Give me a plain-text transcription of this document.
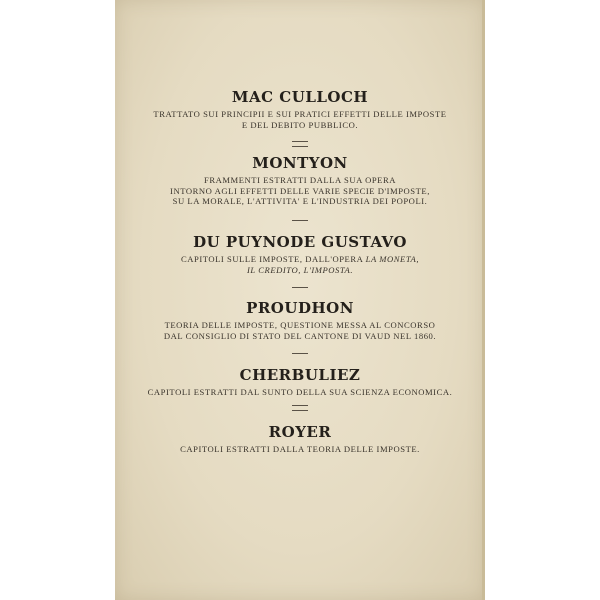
MAC CULLOCH
TRATTATO SUI PRINCIPII E SUI PRATICI EFFETTI DELLE IMPOSTE
E DEL DEBITO PUBBLICO.
MONTYON
FRAMMENTI ESTRATTI DALLA SUA OPERA
INTORNO AGLI EFFETTI DELLE VARIE SPECIE D'IMPOSTE,
SU LA MORALE, L'ATTIVITA' E L'INDUSTRIA DEI POPOLI.
DU PUYNODE GUSTAVO
CAPITOLI SULLE IMPOSTE, DALL'OPERA LA MONETA,
IL CREDITO, L'IMPOSTA.
PROUDHON
TEORIA DELLE IMPOSTE, QUESTIONE MESSA AL CONCORSO
DAL CONSIGLIO DI STATO DEL CANTONE DI VAUD NEL 1860.
CHERBULIEZ
CAPITOLI ESTRATTI DAL SUNTO DELLA SUA SCIENZA ECONOMICA.
ROYER
CAPITOLI ESTRATTI DALLA TEORIA DELLE IMPOSTE.
